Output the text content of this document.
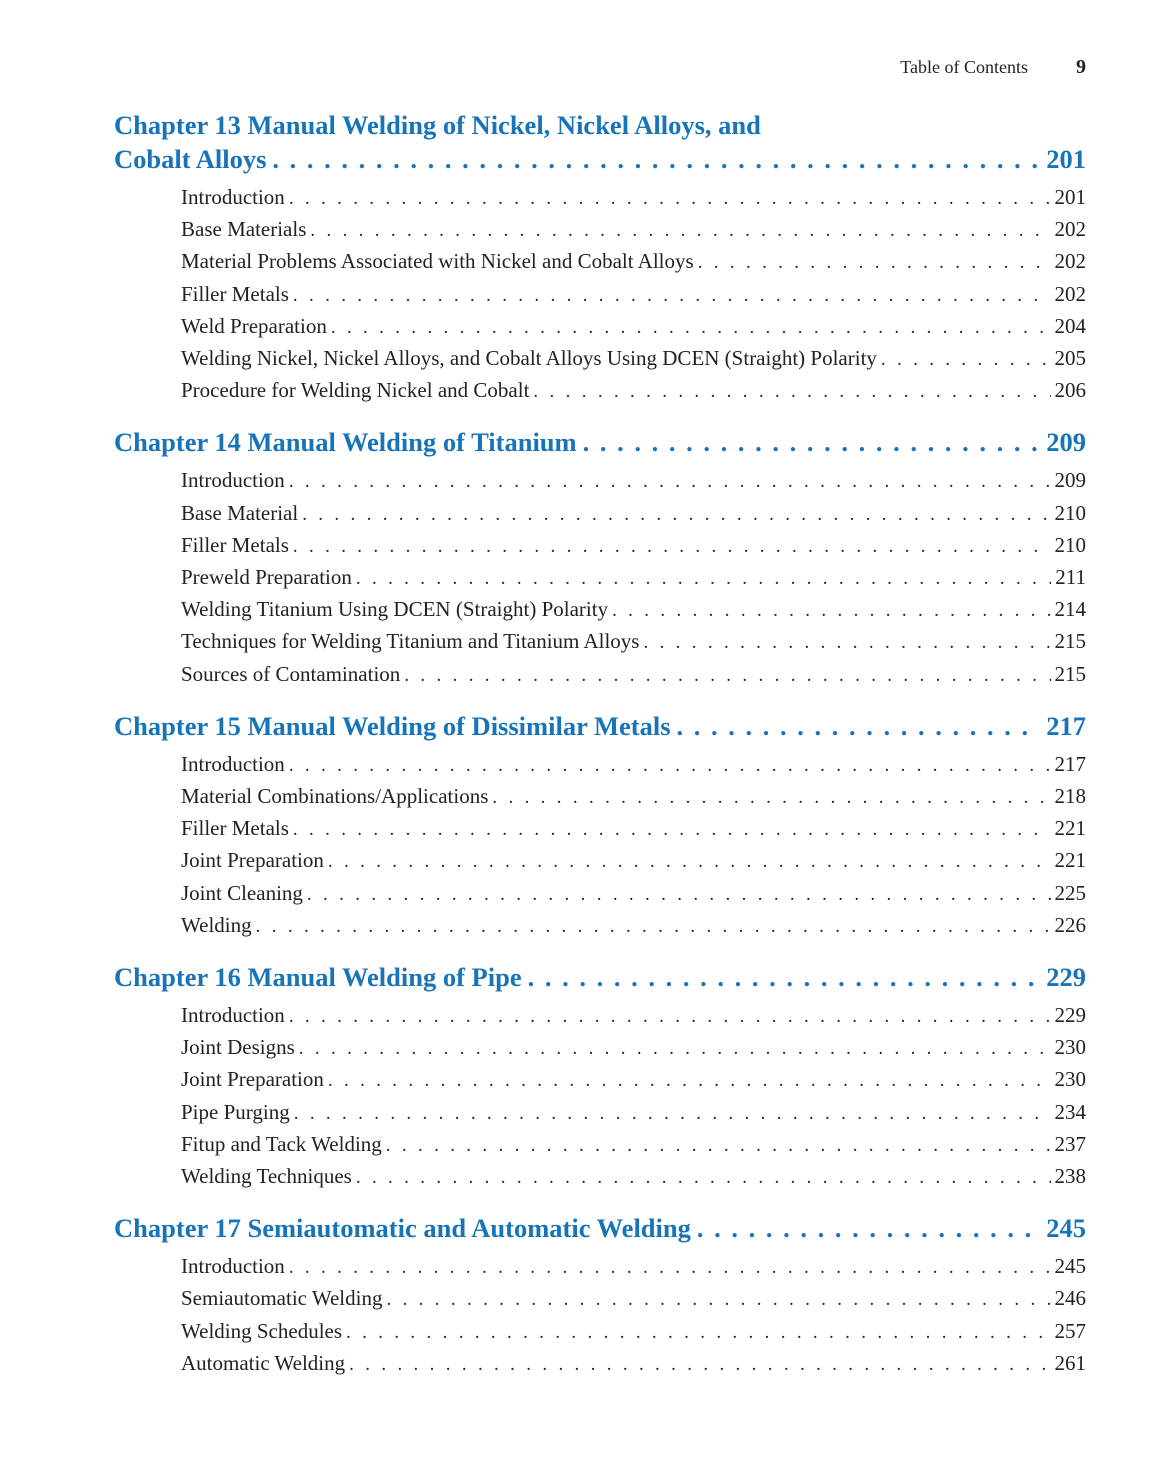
Table of Contents 9
Chapter 13 Manual Welding of Nickel, Nickel Alloys, and
Cobalt Alloys . . .	201
Introduction . . .	201
Base Materials . . .	202
Material Problems Associated with Nickel and Cobalt Alloys . . .	202
Filler Metals . . .	202
Weld Preparation . . .	204
Welding Nickel, Nickel Alloys, and Cobalt Alloys Using DCEN (Straight) Polarity . . .	205
Procedure for Welding Nickel and Cobalt . . .	206
Chapter 14 Manual Welding of Titanium . . .	209
Introduction . . .	209
Base Material . . .	210
Filler Metals . . .	210
Preweld Preparation . . .	211
Welding Titanium Using DCEN (Straight) Polarity . . .	214
Techniques for Welding Titanium and Titanium Alloys . . .	215
Sources of Contamination . . .	215
Chapter 15 Manual Welding of Dissimilar Metals . . .	217
Introduction . . .	217
Material Combinations/Applications . . .	218
Filler Metals . . .	221
Joint Preparation . . .	221
Joint Cleaning . . .	225
Welding . . .	226
Chapter 16 Manual Welding of Pipe . . .	229
Introduction . . .	229
Joint Designs . . .	230
Joint Preparation . . .	230
Pipe Purging . . .	234
Fitup and Tack Welding . . .	237
Welding Techniques . . .	238
Chapter 17 Semiautomatic and Automatic Welding . . .	245
Introduction . . .	245
Semiautomatic Welding . . .	246
Welding Schedules . . .	257
Automatic Welding . . .	261
